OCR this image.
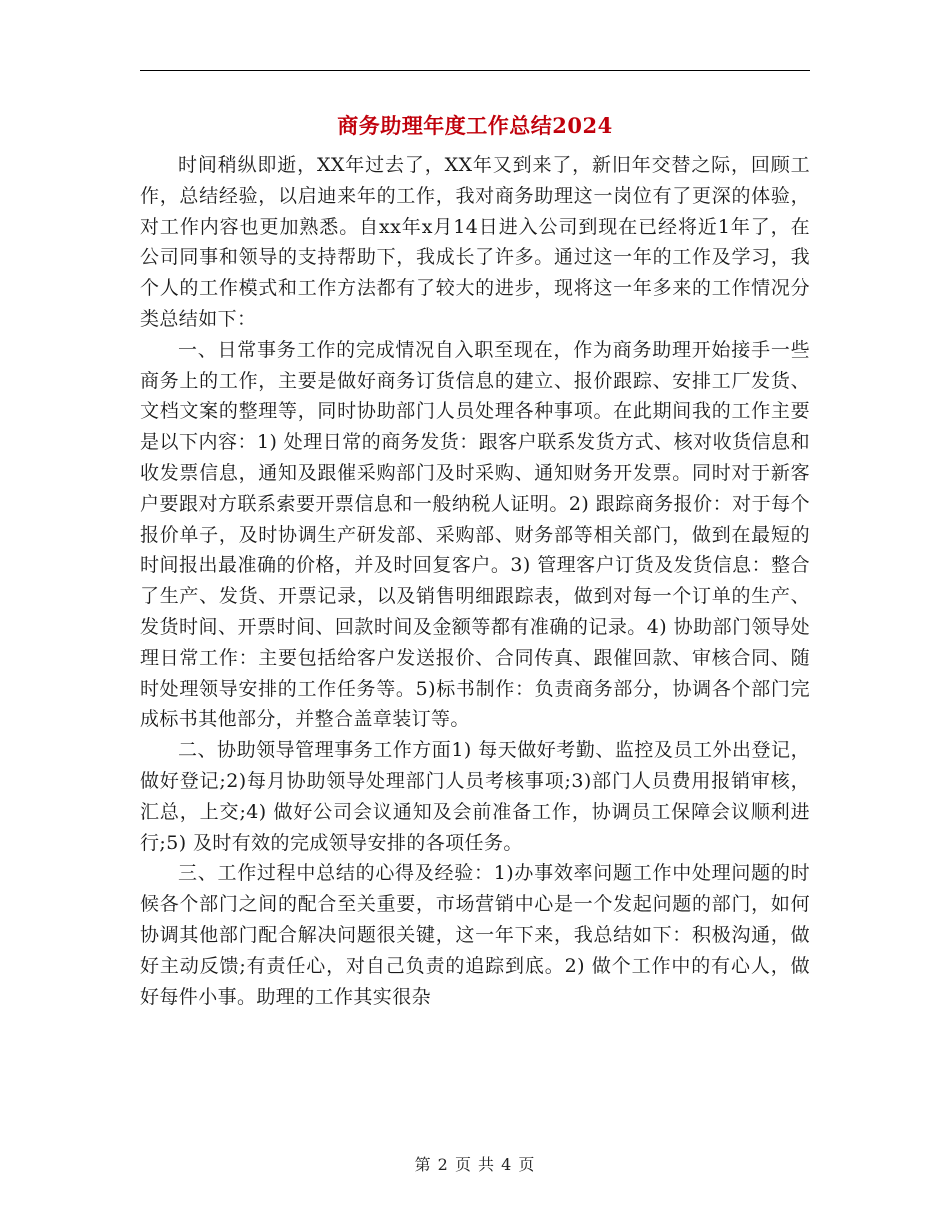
商务助理年度工作总结2024

时间稍纵即逝，XX年过去了，XX年又到来了，新旧年交替之际，回顾工作，总结经验，以启迪来年的工作，我对商务助理这一岗位有了更深的体验，对工作内容也更加熟悉。自xx年x月14日进入公司到现在已经将近1年了，在公司同事和领导的支持帮助下，我成长了许多。通过这一年的工作及学习，我个人的工作模式和工作方法都有了较大的进步，现将这一年多来的工作情况分类总结如下：

一、日常事务工作的完成情况自入职至现在，作为商务助理开始接手一些商务上的工作，主要是做好商务订货信息的建立、报价跟踪、安排工厂发货、文档文案的整理等，同时协助部门人员处理各种事项。在此期间我的工作主要是以下内容：1) 处理日常的商务发货：跟客户联系发货方式、核对收货信息和收发票信息，通知及跟催采购部门及时采购、通知财务开发票。同时对于新客户要跟对方联系索要开票信息和一般纳税人证明。2) 跟踪商务报价：对于每个报价单子，及时协调生产研发部、采购部、财务部等相关部门，做到在最短的时间报出最准确的价格，并及时回复客户。3) 管理客户订货及发货信息：整合了生产、发货、开票记录，以及销售明细跟踪表，做到对每一个订单的生产、发货时间、开票时间、回款时间及金额等都有准确的记录。4) 协助部门领导处理日常工作：主要包括给客户发送报价、合同传真、跟催回款、审核合同、随时处理领导安排的工作任务等。5)标书制作：负责商务部分，协调各个部门完成标书其他部分，并整合盖章装订等。

二、协助领导管理事务工作方面1) 每天做好考勤、监控及员工外出登记，做好登记;2)每月协助领导处理部门人员考核事项;3)部门人员费用报销审核，汇总，上交;4) 做好公司会议通知及会前准备工作，协调员工保障会议顺利进行;5) 及时有效的完成领导安排的各项任务。

三、工作过程中总结的心得及经验：1)办事效率问题工作中处理问题的时候各个部门之间的配合至关重要，市场营销中心是一个发起问题的部门，如何协调其他部门配合解决问题很关键，这一年下来，我总结如下：积极沟通，做好主动反馈;有责任心，对自己负责的追踪到底。2) 做个工作中的有心人，做好每件小事。助理的工作其实很杂

第 2 页 共 4 页
